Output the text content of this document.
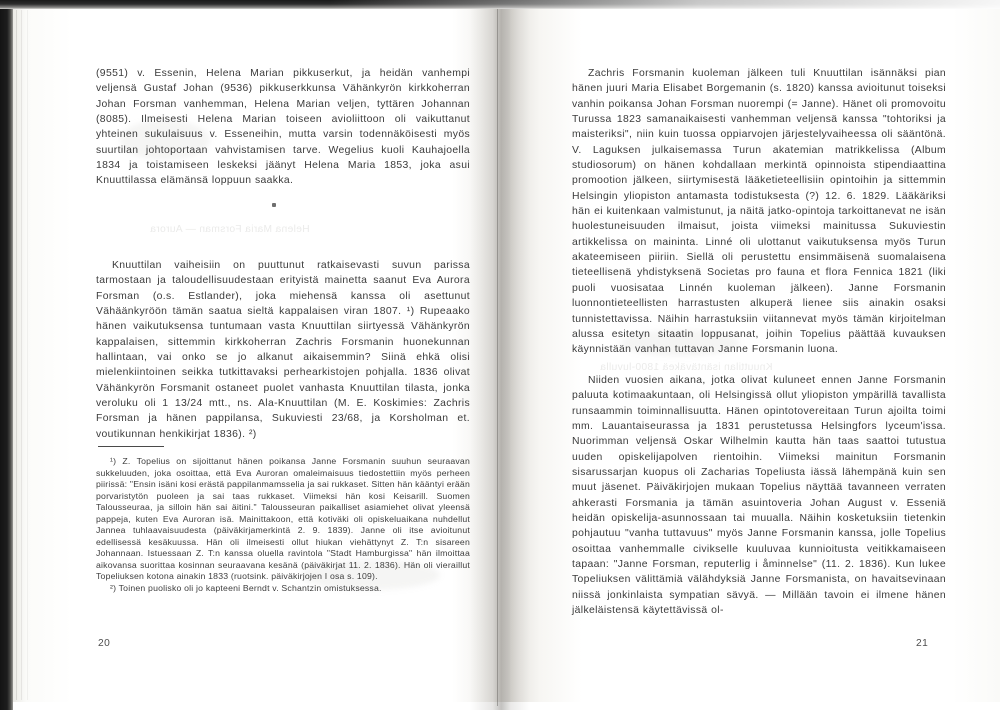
Helena Maria Forsman — Aurora
Knuuttilan isäntäväkeä 1800-luvulla

(9551) v. Essenin, Helena Marian pikkuserkut, ja heidän vanhempi veljensä Gustaf Johan (9536) pikkuserkkunsa Vähänkyrön kirkkoherran Johan Forsman vanhemman, Helena Marian veljen, tyttären Johannan (8085). Ilmeisesti Helena Marian toiseen avioliittoon oli vaikuttanut yhteinen sukulaisuus v. Esseneihin, mutta varsin todennäköisesti myös suurtilan johtoportaan vahvistamisen tarve. Wegelius kuoli Kauhajoella 1834 ja toistamiseen leskeksi jäänyt Helena Maria 1853, joka asui Knuuttilassa elämänsä loppuun saakka.

Knuuttilan vaiheisiin on puuttunut ratkaisevasti suvun parissa tarmostaan ja taloudellisuudestaan erityistä mainetta saanut Eva Aurora Forsman (o.s. Estlander), joka miehensä kanssa oli asettunut Vähäänkyröön tämän saatua sieltä kappalaisen viran 1807. ¹) Rupeaako hänen vaikutuksensa tuntumaan vasta Knuuttilan siirtyessä Vähänkyrön kappalaisen, sittemmin kirkkoherran Zachris Forsmanin huonekunnan hallintaan, vai onko se jo alkanut aikaisemmin? Siinä ehkä olisi mielenkiintoinen seikka tutkittavaksi perhearkistojen pohjalla. 1836 olivat Vähänkyrön Forsmanit ostaneet puolet vanhasta Knuuttilan tilasta, jonka veroluku oli 1 13/24 mtt., ns. Ala-Knuuttilan (M. E. Koskimies: Zachris Forsman ja hänen pappilansa, Sukuviesti 23/68, ja Korsholman et. voutikunnan henkikirjat 1836). ²)

¹) Z. Topelius on sijoittanut hänen poikansa Janne Forsmanin suuhun seuraavan sukkeluuden, joka osoittaa, että Eva Auroran omaleimaisuus tiedostettiin myös perheen piirissä: "Ensin isäni kosi erästä pappilanmamsselia ja sai rukkaset. Sitten hän kääntyi erään porvaristytön puoleen ja sai taas rukkaset. Viimeksi hän kosi Keisarill. Suomen Talousseuraa, ja silloin hän sai äitini." Talousseuran paikalliset asiamiehet olivat yleensä pappeja, kuten Eva Auroran isä. Mainittakoon, että kotiväki oli opiskeluaikana nuhdellut Jannea tuhlaavaisuudesta (päiväkirjamerkintä 2. 9. 1839). Janne oli itse avioitunut edellisessä kesäkuussa. Hän oli ilmeisesti ollut hiukan viehättynyt Z. T:n sisareen Johannaan. Istuessaan Z. T:n kanssa oluella ravintola "Stadt Hamburgissa" hän ilmoittaa aikovansa suorittaa kosinnan seuraavana kesänä (päiväkirjat 11. 2. 1836). Hän oli vieraillut Topeliuksen kotona ainakin 1833 (ruotsink. päiväkirjojen I osa s. 109).

²) Toinen puolisko oli jo kapteeni Berndt v. Schantzin omistuksessa.

Zachris Forsmanin kuoleman jälkeen tuli Knuuttilan isännäksi pian hänen juuri Maria Elisabet Borgemanin (s. 1820) kanssa avioitunut toiseksi vanhin poikansa Johan Forsman nuorempi (= Janne). Hänet oli promovoitu Turussa 1823 samanaikaisesti vanhemman veljensä kanssa "tohtoriksi ja maisteriksi", niin kuin tuossa oppiarvojen järjestelyvaiheessa oli sääntönä. V. Laguksen julkaisemassa Turun akatemian matrikkelissa (Album studiosorum) on hänen kohdallaan merkintä opinnoista stipendiaattina promootion jälkeen, siirtymisestä lääketieteellisiin opintoihin ja sittemmin Helsingin yliopiston antamasta todistuksesta (?) 12. 6. 1829. Lääkäriksi hän ei kuitenkaan valmistunut, ja näitä jatko-opintoja tarkoittanevat ne isän huolestuneisuuden ilmaisut, joista viimeksi mainitussa Sukuviestin artikkelissa on maininta. Linné oli ulottanut vaikutuksensa myös Turun akateemiseen piiriin. Siellä oli perustettu ensimmäisenä suomalaisena tieteellisenä yhdistyksenä Societas pro fauna et flora Fennica 1821 (liki puoli vuosisataa Linnén kuoleman jälkeen). Janne Forsmanin luonnontieteellisten harrastusten alkuperä lienee siis ainakin osaksi tunnistettavissa. Näihin harrastuksiin viitannevat myös tämän kirjoitelman alussa esitetyn sitaatin loppusanat, joihin Topelius päättää kuvauksen käynnistään vanhan tuttavan Janne Forsmanin luona.

Niiden vuosien aikana, jotka olivat kuluneet ennen Janne Forsmanin paluuta kotimaakuntaan, oli Helsingissä ollut yliopiston ympärillä tavallista runsaammin toiminnallisuutta. Hänen opintotovereitaan Turun ajoilta toimi mm. Lauantaiseurassa ja 1831 perustetussa Helsingfors lyceum'issa. Nuorimman veljensä Oskar Wilhelmin kautta hän taas saattoi tutustua uuden opiskelijapolven rientoihin. Viimeksi mainitun Forsmanin sisarussarjan kuopus oli Zacharias Topeliusta iässä lähempänä kuin sen muut jäsenet. Päiväkirjojen mukaan Topelius näyttää tavanneen verraten ahkerasti Forsmania ja tämän asuintoveria Johan August v. Esseniä heidän opiskelija-asunnossaan tai muualla. Näihin kosketuksiin tietenkin pohjautuu "vanha tuttavuus" myös Janne Forsmanin kanssa, jolle Topelius osoittaa vanhemmalle civikselle kuuluvaa kunnioitusta veitikkamaiseen tapaan: "Janne Forsman, reputerlig i åminnelse" (11. 2. 1836). Kun lukee Topeliuksen välittämiä välähdyksiä Janne Forsmanista, on havaitsevinaan niissä jonkinlaista sympatian sävyä. — Millään tavoin ei ilmene hänen jälkeläistensä käytettävissä ol-

20	21
